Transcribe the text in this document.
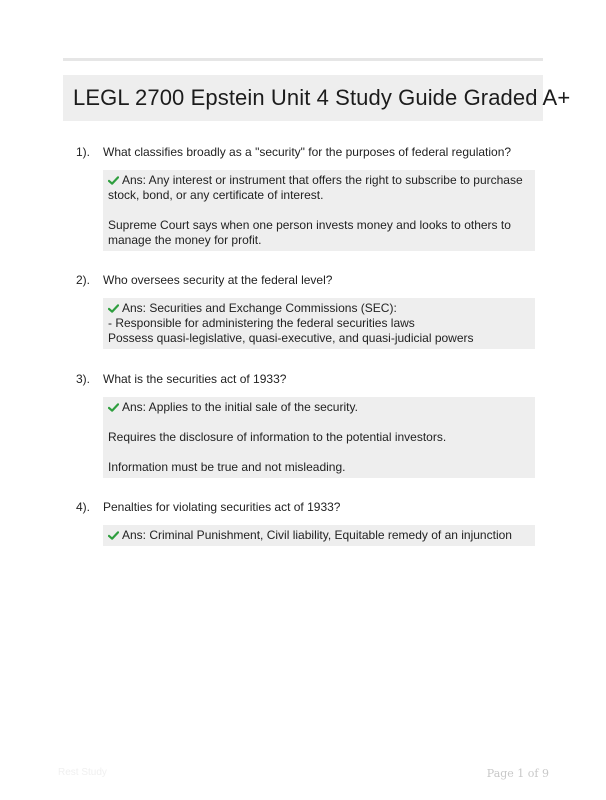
LEGL 2700 Epstein Unit 4 Study Guide Graded A+
1). What classifies broadly as a "security" for the purposes of federal regulation?

Ans: Any interest or instrument that offers the right to subscribe to purchase stock, bond, or any certificate of interest.

Supreme Court says when one person invests money and looks to others to manage the money for profit.

2). Who oversees security at the federal level?

Ans: Securities and Exchange Commissions (SEC):

- Responsible for administering the federal securities laws

Possess quasi-legislative, quasi-executive, and quasi-judicial powers

3). What is the securities act of 1933?

Ans: Applies to the initial sale of the security.

Requires the disclosure of information to the potential investors.

Information must be true and not misleading.

4). Penalties for violating securities act of 1933?

Ans: Criminal Punishment, Civil liability, Equitable remedy of an injunction

Rest Study	Page 1 of 9
